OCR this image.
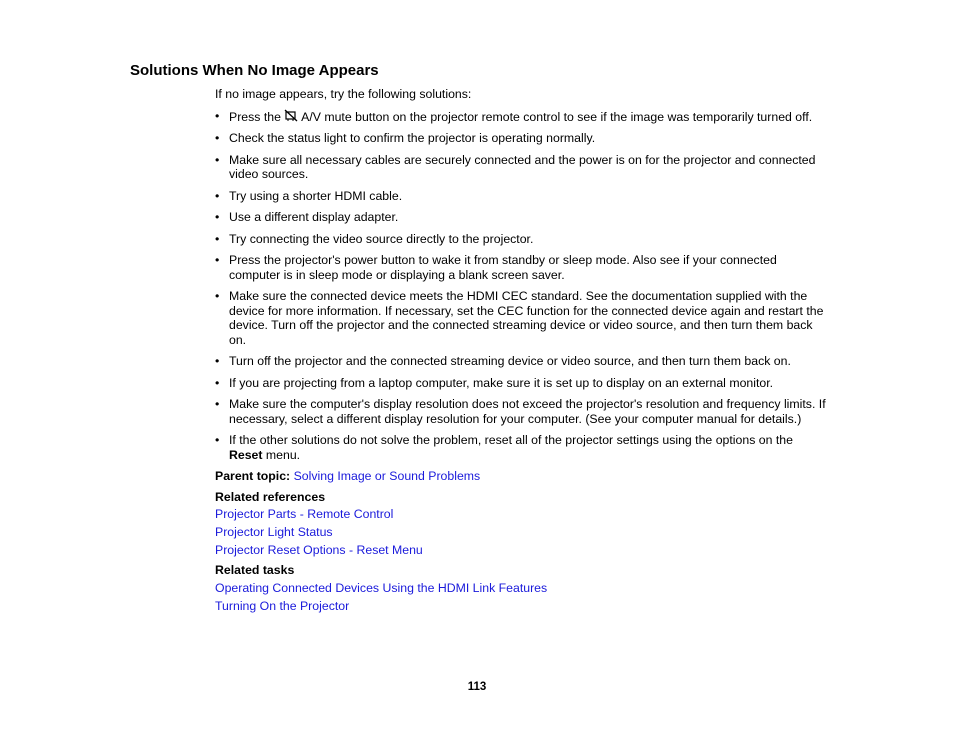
Solutions When No Image Appears

If no image appears, try the following solutions:

• Press the  A/V mute button on the projector remote control to see if the image was temporarily turned off.
• Check the status light to confirm the projector is operating normally.
• Make sure all necessary cables are securely connected and the power is on for the projector and connected video sources.
• Try using a shorter HDMI cable.
• Use a different display adapter.
• Try connecting the video source directly to the projector.
• Press the projector's power button to wake it from standby or sleep mode. Also see if your connected computer is in sleep mode or displaying a blank screen saver.
• Make sure the connected device meets the HDMI CEC standard. See the documentation supplied with the device for more information. If necessary, set the CEC function for the connected device again and restart the device. Turn off the projector and the connected streaming device or video source, and then turn them back on.
• Turn off the projector and the connected streaming device or video source, and then turn them back on.
• If you are projecting from a laptop computer, make sure it is set up to display on an external monitor.
• Make sure the computer's display resolution does not exceed the projector's resolution and frequency limits. If necessary, select a different display resolution for your computer. (See your computer manual for details.)
• If the other solutions do not solve the problem, reset all of the projector settings using the options on the Reset menu.

Parent topic: Solving Image or Sound Problems

Related references

Projector Parts - Remote Control
Projector Light Status
Projector Reset Options - Reset Menu

Related tasks

Operating Connected Devices Using the HDMI Link Features
Turning On the Projector
113
